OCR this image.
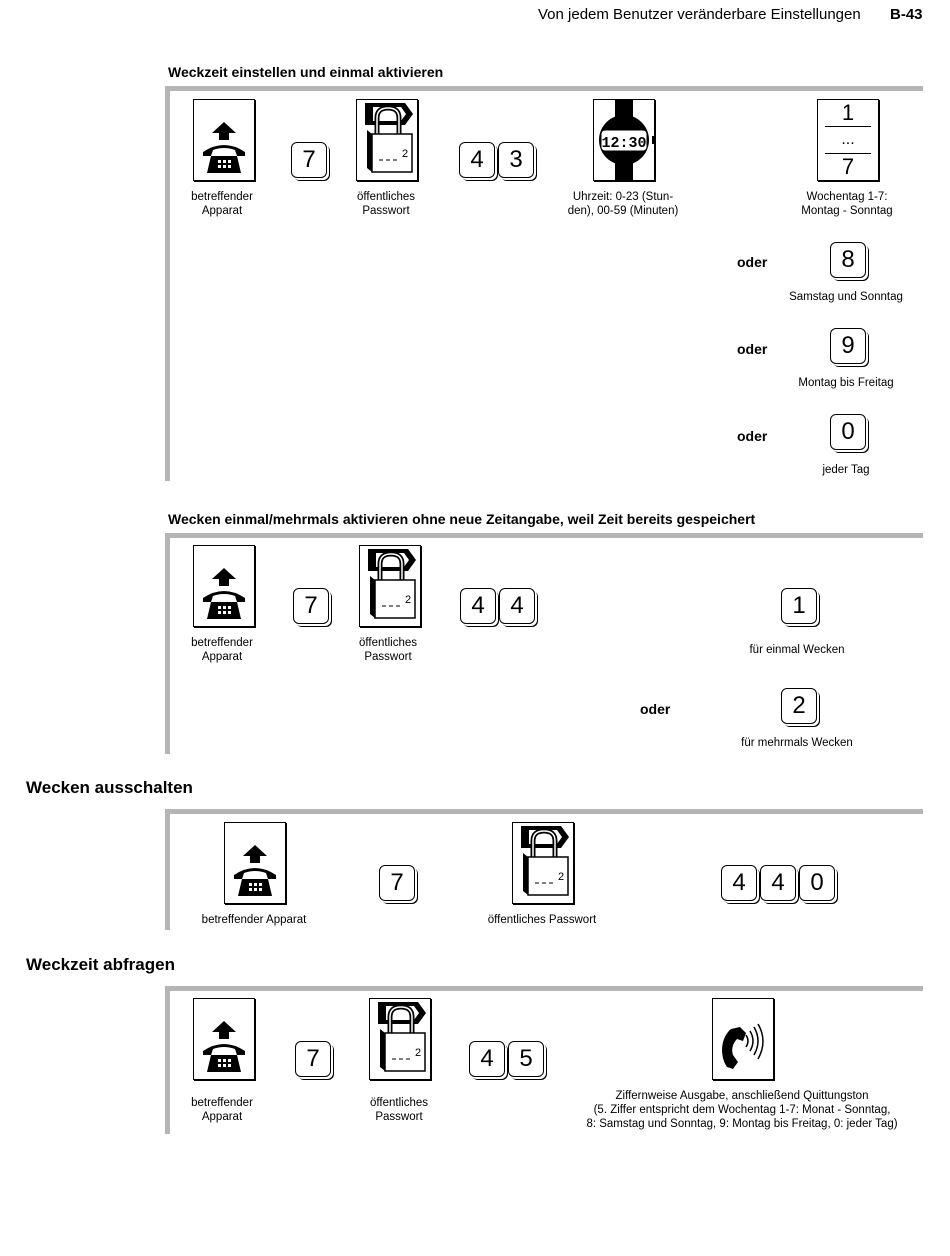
Von jedem Benutzer veränderbare Einstellungen B-43
Weckzeit einstellen und einmal aktivieren
betreffender
Apparat
7	2
öffentliches
Passwort
4	3
12:30
Uhrzeit: 0-23 (Stun-
den), 00-59 (Minuten)
1
...
7
Wochentag 1-7:
Montag - Sonntag
oder	8
Samstag und Sonntag
oder	9
Montag bis Freitag
oder	0
jeder Tag
Wecken einmal/mehrmals aktivieren ohne neue Zeitangabe, weil Zeit bereits gespeichert
betreffender
Apparat
7	2
öffentliches
Passwort
4	4	1
für einmal Wecken
oder	2
für mehrmals Wecken
Wecken ausschalten
betreffender Apparat
7	2
öffentliches Passwort
4	4	0
Weckzeit abfragen
betreffender
Apparat
7	2
öffentliches
Passwort
4	5
Ziffernweise Ausgabe, anschließend Quittungston
(5. Ziffer entspricht dem Wochentag 1-7: Monat - Sonntag,
8: Samstag und Sonntag, 9: Montag bis Freitag, 0: jeder Tag)
